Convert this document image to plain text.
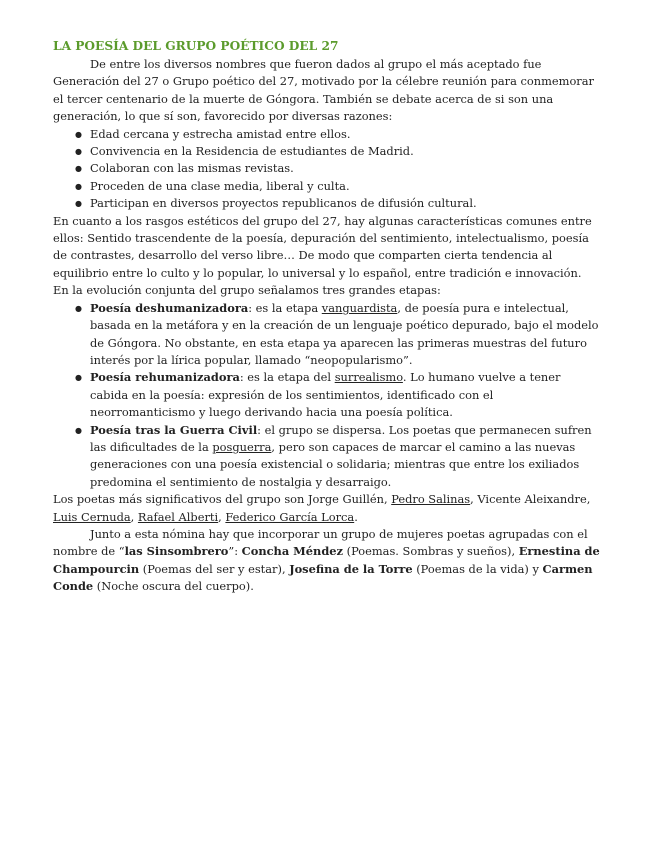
LA POESÍA DEL GRUPO POÉTICO DEL 27

De entre los diversos nombres que fueron dados al grupo el más aceptado fue Generación del 27 o Grupo poético del 27, motivado por la célebre reunión para conmemorar el tercer centenario de la muerte de Góngora. También se debate acerca de si son una generación, lo que sí son, favorecido por diversas razones:

● Edad cercana y estrecha amistad entre ellos.
● Convivencia en la Residencia de estudiantes de Madrid.
● Colaboran con las mismas revistas.
● Proceden de una clase media, liberal y culta.
● Participan en diversos proyectos republicanos de difusión cultural.

En cuanto a los rasgos estéticos del grupo del 27, hay algunas características comunes entre ellos: Sentido trascendente de la poesía, depuración del sentimiento, intelectualismo, poesía de contrastes, desarrollo del verso libre… De modo que comparten cierta tendencia al equilibrio entre lo culto y lo popular, lo universal y lo español, entre tradición e innovación.

En la evolución conjunta del grupo señalamos tres grandes etapas:

● Poesía deshumanizadora: es la etapa vanguardista, de poesía pura e intelectual, basada en la metáfora y en la creación de un lenguaje poético depurado, bajo el modelo de Góngora. No obstante, en esta etapa ya aparecen las primeras muestras del futuro interés por la lírica popular, llamado “neopopularismo”.
● Poesía rehumanizadora: es la etapa del surrealismo. Lo humano vuelve a tener cabida en la poesía: expresión de los sentimientos, identificado con el neorromanticismo y luego derivando hacia una poesía política.
● Poesía tras la Guerra Civil: el grupo se dispersa. Los poetas que permanecen sufren las dificultades de la posguerra, pero son capaces de marcar el camino a las nuevas generaciones con una poesía existencial o solidaria; mientras que entre los exiliados predomina el sentimiento de nostalgia y desarraigo.

Los poetas más significativos del grupo son Jorge Guillén, Pedro Salinas, Vicente Aleixandre, Luis Cernuda, Rafael Alberti, Federico García Lorca.

Junto a esta nómina hay que incorporar un grupo de mujeres poetas agrupadas con el nombre de “las Sinsombrero”: Concha Méndez (Poemas. Sombras y sueños), Ernestina de Champourcin (Poemas del ser y estar), Josefina de la Torre (Poemas de la vida) y Carmen Conde (Noche oscura del cuerpo).
